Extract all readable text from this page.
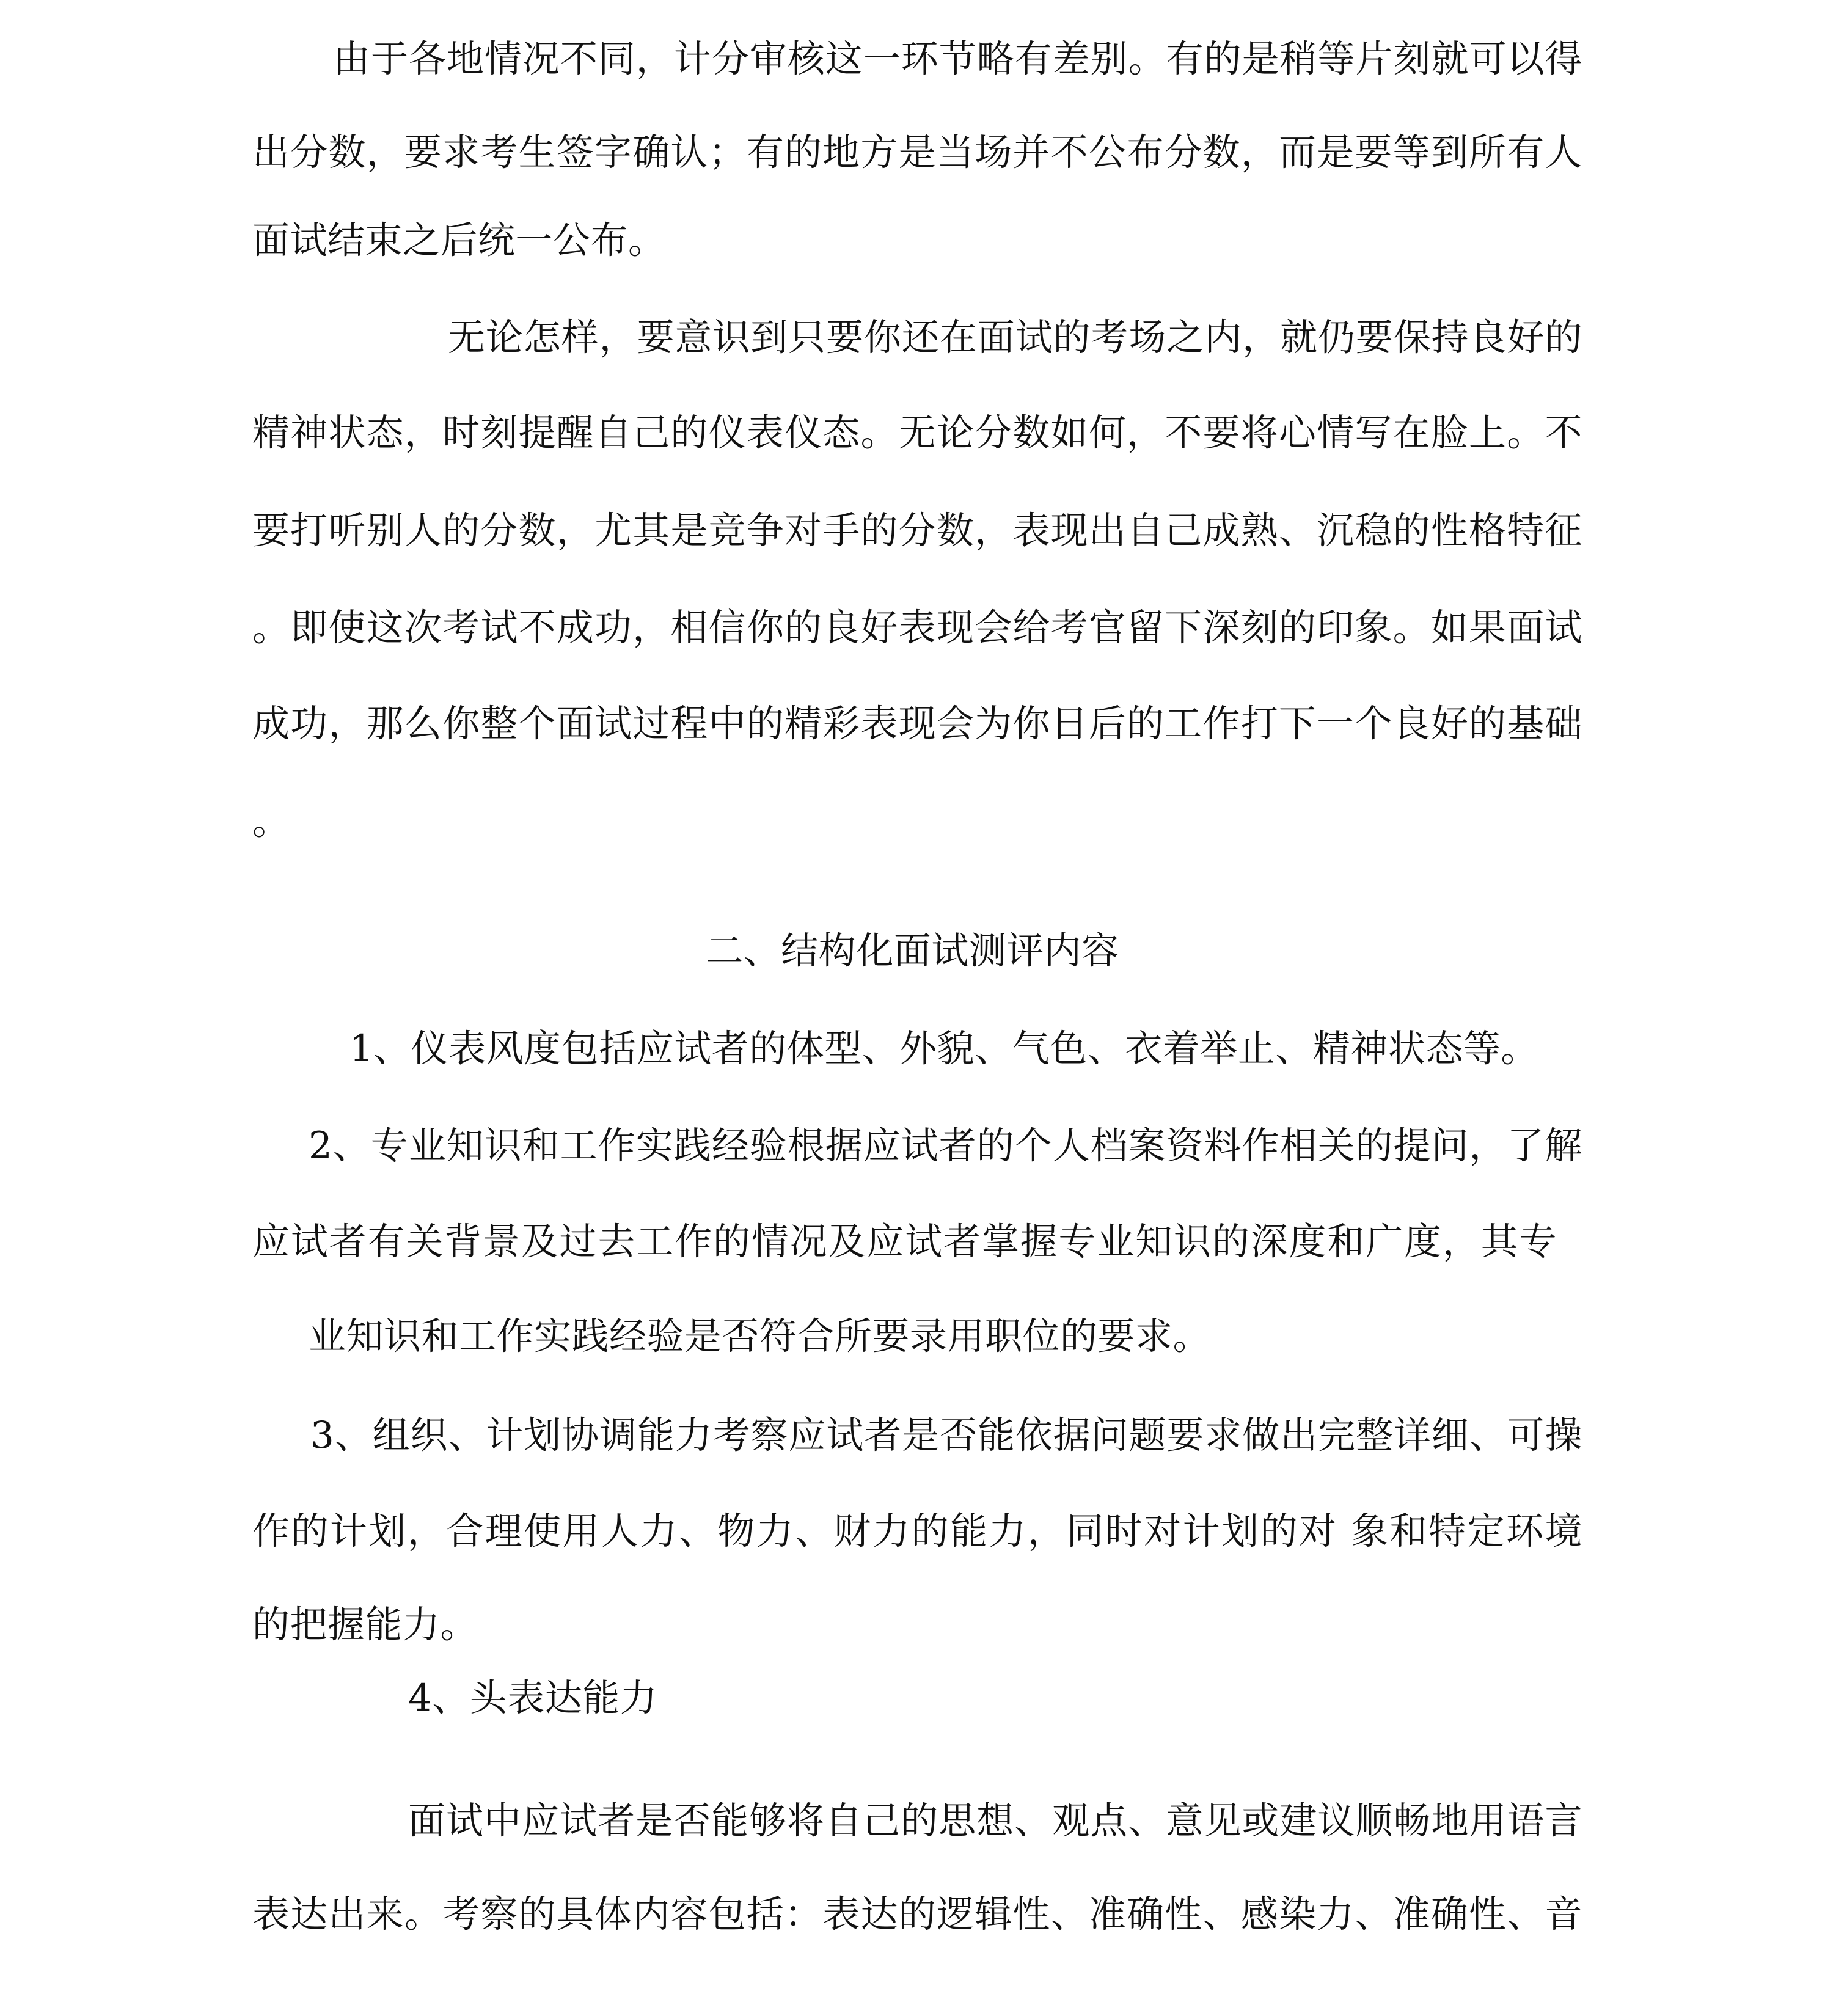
由于各地情况不同，计分审核这一环节略有差别。有的是稍等片刻就可以得
出分数，要求考生签字确认；有的地方是当场并不公布分数，而是要等到所有人
面试结束之后统一公布。
无论怎样，要意识到只要你还在面试的考场之内，就仍要保持良好的
精神状态，时刻提醒自己的仪表仪态。无论分数如何，不要将心情写在脸上。不
要打听别人的分数，尤其是竞争对手的分数，表现出自己成熟、沉稳的性格特征
。即使这次考试不成功，相信你的良好表现会给考官留下深刻的印象。如果面试
成功，那么你整个面试过程中的精彩表现会为你日后的工作打下一个良好的基础
。
二、结构化面试测评内容
1、仪表风度包括应试者的体型、外貌、气色、衣着举止、精神状态等。
2、专业知识和工作实践经验根据应试者的个人档案资料作相关的提问，了解
应试者有关背景及过去工作的情况及应试者掌握专业知识的深度和广度，其专
业知识和工作实践经验是否符合所要录用职位的要求。
3、组织、计划协调能力考察应试者是否能依据问题要求做出完整详细、可操
作的计划，合理使用人力、物力、财力的能力，同时对计划的对 象和特定环境
的把握能力。
4、头表达能力
面试中应试者是否能够将自己的思想、观点、意见或建议顺畅地用语言
表达出来。考察的具体内容包括：表达的逻辑性、准确性、感染力、准确性、音
